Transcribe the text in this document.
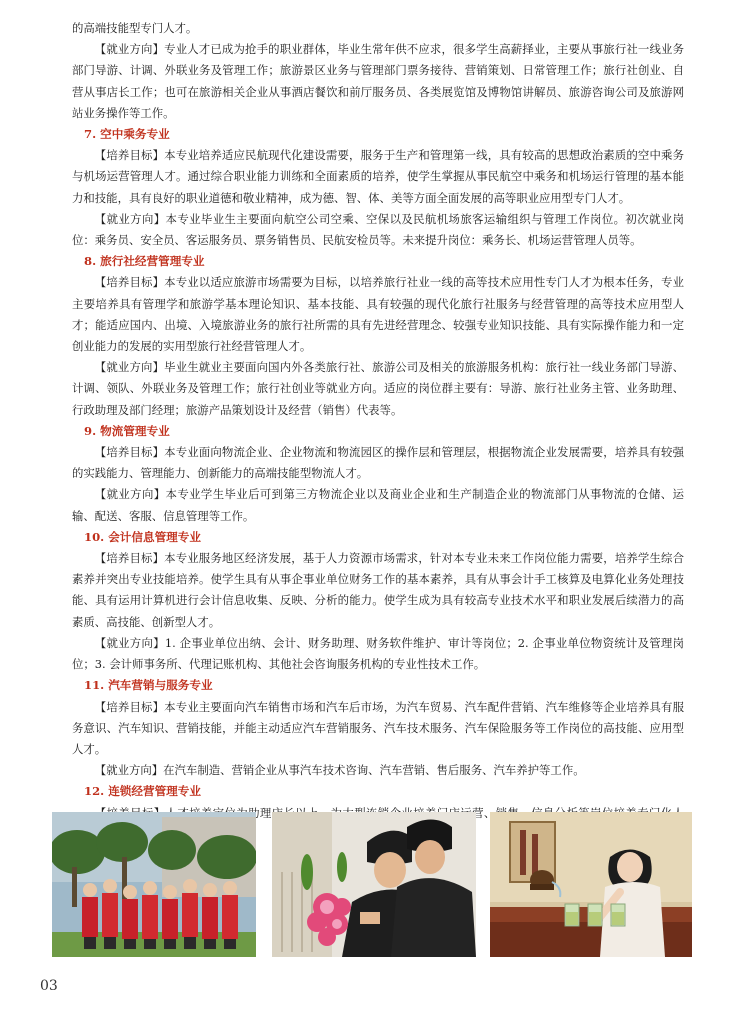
的高端技能型专门人才。

【就业方向】专业人才已成为抢手的职业群体，毕业生常年供不应求，很多学生高薪择业，主要从事旅行社一线业务部门导游、计调、外联业务及管理工作；旅游景区业务与管理部门票务接待、营销策划、日常管理工作；旅行社创业、自营从事店长工作；也可在旅游相关企业从事酒店餐饮和前厅服务员、各类展览馆及博物馆讲解员、旅游咨询公司及旅游网站业务操作等工作。

7. 空中乘务专业

【培养目标】本专业培养适应民航现代化建设需要，服务于生产和管理第一线，具有较高的思想政治素质的空中乘务与机场运营管理人才。通过综合职业能力训练和全面素质的培养，使学生掌握从事民航空中乘务和机场运行管理的基本能力和技能，具有良好的职业道德和敬业精神，成为德、智、体、美等方面全面发展的高等职业应用型专门人才。

【就业方向】本专业毕业生主要面向航空公司空乘、空保以及民航机场旅客运输组织与管理工作岗位。初次就业岗位：乘务员、安全员、客运服务员、票务销售员、民航安检员等。未来提升岗位：乘务长、机场运营管理人员等。

8. 旅行社经营管理专业

【培养目标】本专业以适应旅游市场需要为目标，以培养旅行社业一线的高等技术应用性专门人才为根本任务，专业主要培养具有管理学和旅游学基本理论知识、基本技能、具有较强的现代化旅行社服务与经营管理的高等技术应用型人才；能适应国内、出境、入境旅游业务的旅行社所需的具有先进经营理念、较强专业知识技能、具有实际操作能力和一定创业能力的发展的实用型旅行社经营管理人才。

【就业方向】毕业生就业主要面向国内外各类旅行社、旅游公司及相关的旅游服务机构：旅行社一线业务部门导游、计调、领队、外联业务及管理工作；旅行社创业等就业方向。适应的岗位群主要有：导游、旅行社业务主管、业务助理、行政助理及部门经理；旅游产品策划设计及经营（销售）代表等。

9. 物流管理专业

【培养目标】本专业面向物流企业、企业物流和物流园区的操作层和管理层，根据物流企业发展需要，培养具有较强的实践能力、管理能力、创新能力的高端技能型物流人才。

【就业方向】本专业学生毕业后可到第三方物流企业以及商业企业和生产制造企业的物流部门从事物流的仓储、运输、配送、客服、信息管理等工作。

10. 会计信息管理专业

【培养目标】本专业服务地区经济发展，基于人力资源市场需求，针对本专业未来工作岗位能力需要，培养学生综合素养并突出专业技能培养。使学生具有从事企事业单位财务工作的基本素养，具有从事会计手工核算及电算化业务处理技能、具有运用计算机进行会计信息收集、反映、分析的能力。使学生成为具有较高专业技术水平和职业发展后续潜力的高素质、高技能、创新型人才。

【就业方向】1. 企事业单位出纳、会计、财务助理、财务软件维护、审计等岗位；2. 企事业单位物资统计及管理岗位；3. 会计师事务所、代理记账机构、其他社会咨询服务机构的专业性技术工作。

11. 汽车营销与服务专业

【培养目标】本专业主要面向汽车销售市场和汽车后市场，为汽车贸易、汽车配件营销、汽车维修等企业培养具有服务意识、汽车知识、营销技能，并能主动适应汽车营销服务、汽车技术服务、汽车保险服务等工作岗位的高技能、应用型人才。

【就业方向】在汽车制造、营销企业从事汽车技术咨询、汽车营销、售后服务、汽车养护等工作。

12. 连锁经营管理专业

03
